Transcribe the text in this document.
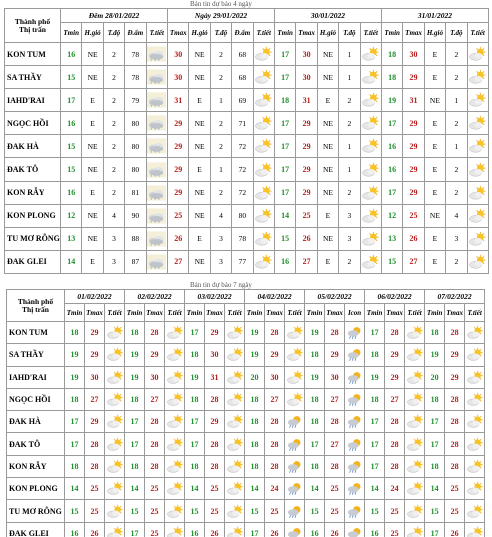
Bản tin dự báo 4 ngày
Thành phố
Thị trấn	Đêm 28/01/2022					Ngày 29/01/2022					30/01/2022					31/01/2022				
	Tmin	H.gió	T.độ	Đ.ẩm	T.tiết	Tmax	H.gió	T.độ	Đ.ẩm	T.tiết	Tmin	Tmax	H.gió	T.độ	T.tiết	Tmin	Tmax	H.gió	T.độ	T.tiết
KON TUM	16	NE	2	78		30	NE	2	68		17	30	NE	1		18	30	E	2	

SA THẦY	15	NE	2	78		30	NE	2	68		17	30	NE	1		18	29	E	2	

IAHD'RAI	17	E	2	79		31	E	1	69		18	31	E	2		19	31	NE	1	

NGỌC HỒI	16	E	2	80		29	NE	2	71		17	29	NE	2		17	29	E	2	

ĐAK HÀ	15	NE	2	80		29	NE	2	72		17	29	NE	1		16	29	E	1	

ĐAK TÔ	15	NE	2	80		29	E	1	72		17	29	NE	1		16	29	E	2	

KON RẪY	16	E	2	81		29	NE	2	72		17	29	NE	2		17	29	E	2	

KON PLONG	12	NE	4	90		25	NE	4	80		14	25	E	3		12	25	NE	4	

TU MƠ RÔNG	13	NE	3	88		26	E	3	78		15	26	NE	3		13	26	E	3	

ĐAK GLEI	14	E	3	87		27	NE	3	77		16	27	E	2		15	27	E	2	
Bản tin dự báo 7 ngày
Thành phố
Thị trấn	01/02/2022			02/02/2022			03/02/2022			04/02/2022			05/02/2022			06/02/2022			07/02/2022		
	Tmin	Tmax	T.tiết	Tmin	Tmax	T.tiết	Tmin	Tmax	T.tiết	Tmin	Tmax	T.tiết	Tmin	Tmax	Icon	Tmin	Tmax	T.tiết	Tmin	Tmax	T.tiết
KON TUM	18	29		18	28		17	29		19	28		19	28		17	28		18	28	

SA THẦY	19	29		19	29		18	30		19	29		18	29		18	29		19	29	

IAHD'RAI	19	30		19	30		19	31		20	30		19	30		19	29		20	29	

NGỌC HỒI	18	27		18	27		18	28		18	27		18	27		18	27		18	28	

ĐAK HÀ	17	29		17	28		17	29		18	28		18	28		17	28		17	28	

ĐAK TÔ	17	28		17	28		17	28		18	28		17	27		17	28		17	28	

KON RẪY	18	28		18	28		18	28		18	28		18	28		17	28		18	28	

KON PLONG	14	25		14	25		14	25		14	24		14	25		14	24		14	25	

TU MƠ RÔNG	15	25		15	25		15	25		15	25		15	25		15	25		15	25	

ĐAK GLEI	16	26		17	25		16	26		17	26		16	26		16	25		17	26	
